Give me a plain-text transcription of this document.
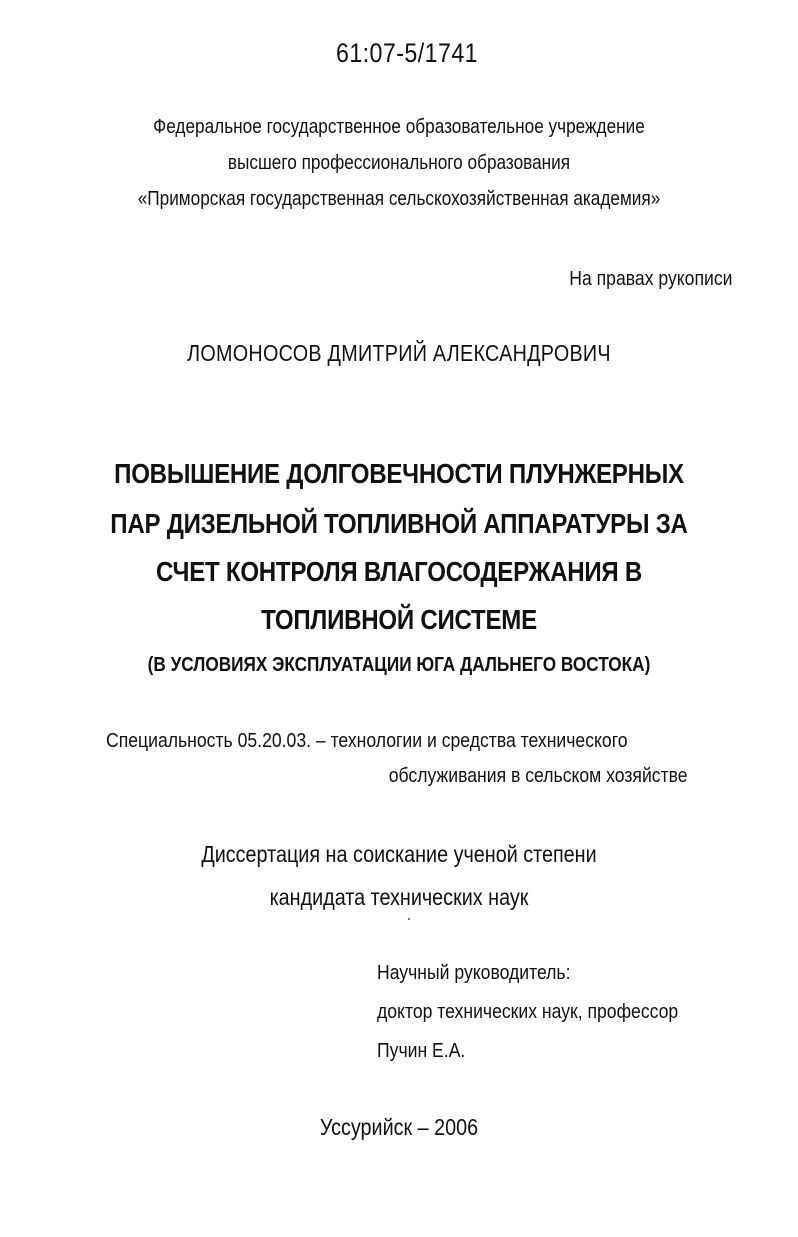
61:07-5/1741
Федеральное государственное образовательное учреждение
высшего профессионального образования
«Приморская государственная сельскохозяйственная академия»
На правах рукописи
ЛОМОНОСОВ ДМИТРИЙ АЛЕКСАНДРОВИЧ
ПОВЫШЕНИЕ ДОЛГОВЕЧНОСТИ ПЛУНЖЕРНЫХ
ПАР ДИЗЕЛЬНОЙ ТОПЛИВНОЙ АППАРАТУРЫ ЗА
СЧЕТ КОНТРОЛЯ ВЛАГОСОДЕРЖАНИЯ В
ТОПЛИВНОЙ СИСТЕМЕ
(В УСЛОВИЯХ ЭКСПЛУАТАЦИИ ЮГА ДАЛЬНЕГО ВОСТОКА)
Специальность 05.20.03. – технологии и средства технического
обслуживания в сельском хозяйстве
Диссертация на соискание ученой степени
кандидата технических наук
Научный руководитель:
доктор технических наук, профессор
Пучин Е.А.
Уссурийск – 2006
